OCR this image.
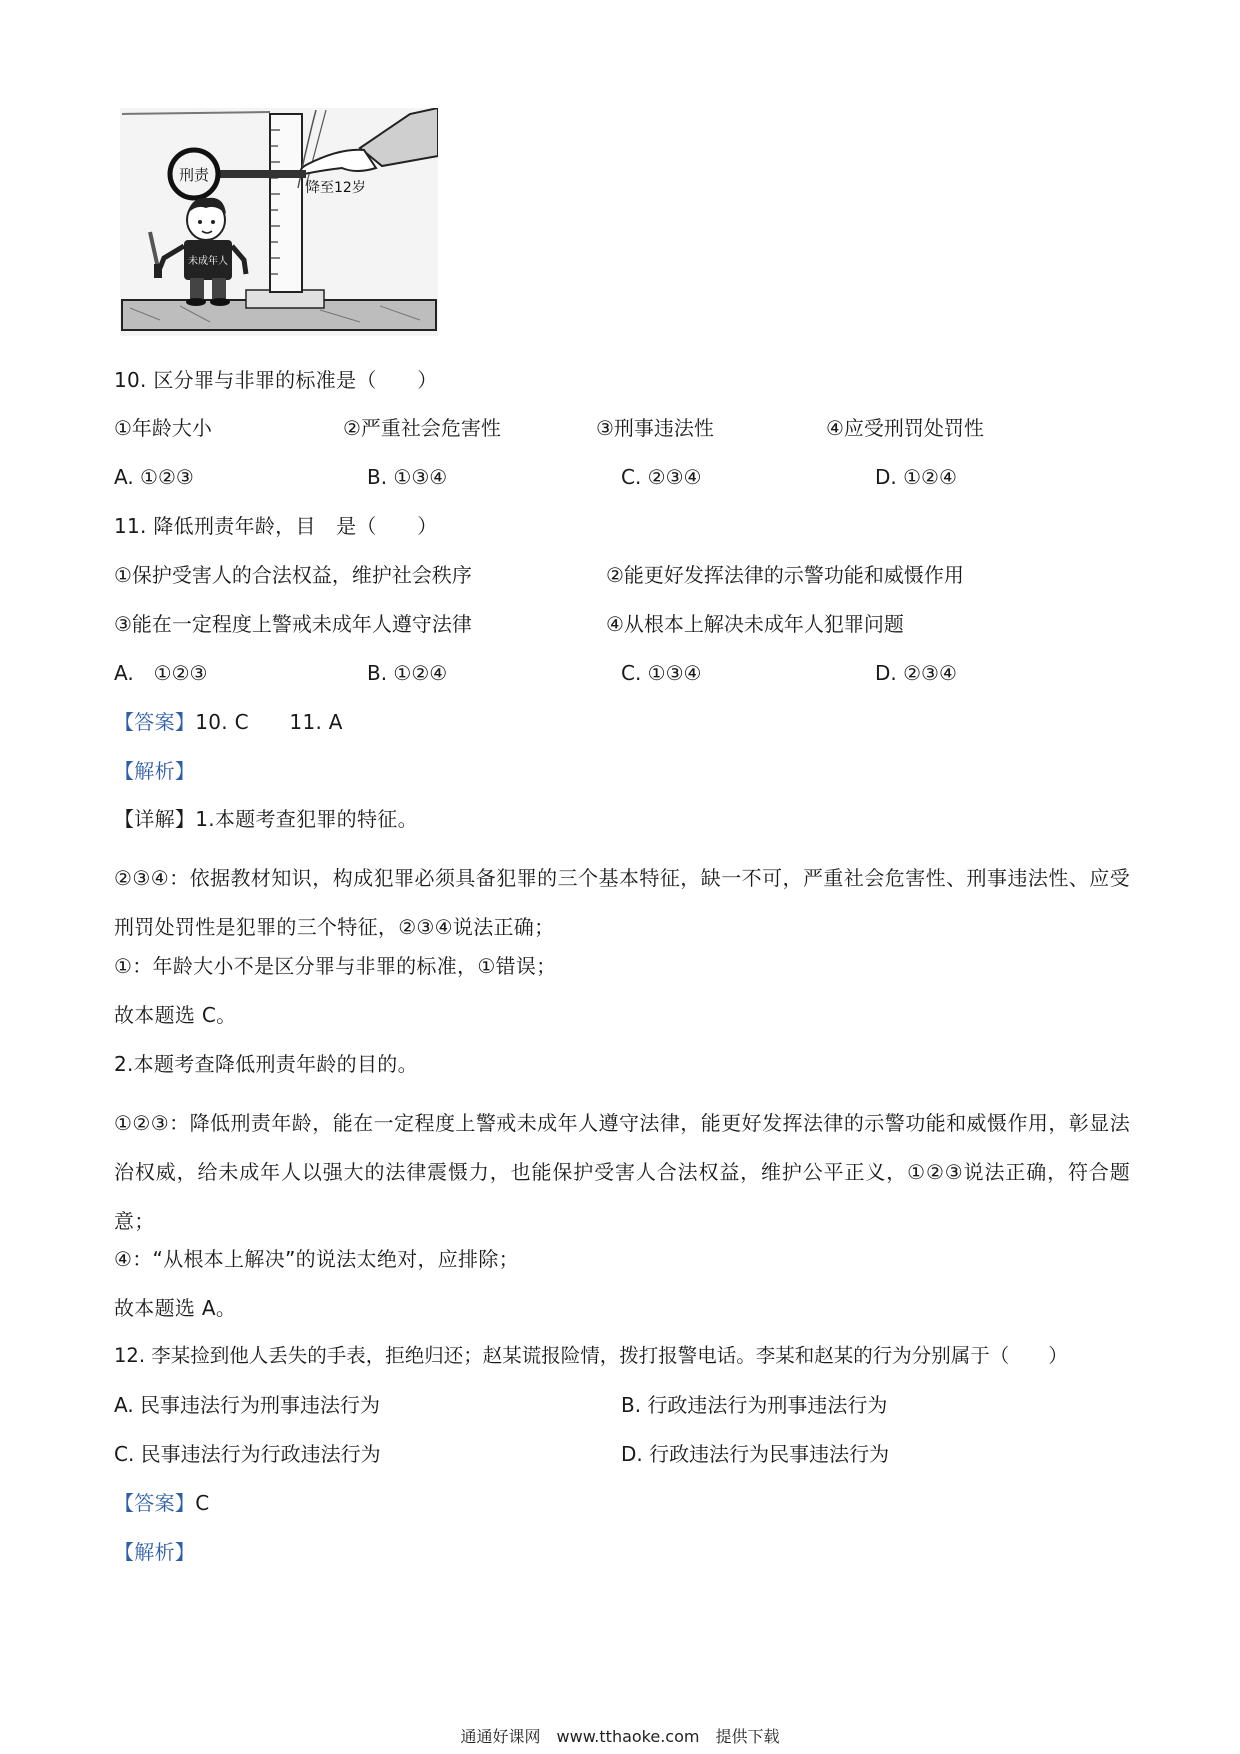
刑责
降至12岁
未成年人
10. 区分罪与非罪的标准是（　　）
①年龄大小	②严重社会危害性	③刑事违法性	④应受刑罚处罚性
A. ①②③	B. ①③④	C. ②③④	D. ①②④
11. 降低刑责年龄，目　是（　　）
①保护受害人的合法权益，维护社会秩序	②能更好发挥法律的示警功能和威慑作用
③能在一定程度上警戒未成年人遵守法律	④从根本上解决未成年人犯罪问题
A.　①②③	B. ①②④	C. ①③④	D. ②③④
【答案】10. C　　11. A
【解析】
【详解】1.本题考查犯罪的特征。
②③④：依据教材知识，构成犯罪必须具备犯罪的三个基本特征，缺一不可，严重社会危害性、刑事违法性、应受刑罚处罚性是犯罪的三个特征，②③④说法正确；
①：年龄大小不是区分罪与非罪的标准，①错误；
故本题选 C。
2.本题考查降低刑责年龄的目的。
①②③：降低刑责年龄，能在一定程度上警戒未成年人遵守法律，能更好发挥法律的示警功能和威慑作用，彰显法治权威，给未成年人以强大的法律震慑力，也能保护受害人合法权益，维护公平正义，①②③说法正确，符合题意；
④：“从根本上解决”的说法太绝对，应排除；
故本题选 A。
12. 李某捡到他人丢失的手表，拒绝归还；赵某谎报险情，拨打报警电话。李某和赵某的行为分别属于（　　）
A. 民事违法行为刑事违法行为	B. 行政违法行为刑事违法行为
C. 民事违法行为行政违法行为	D. 行政违法行为民事违法行为
【答案】C
【解析】
通通好课网　www.tthaoke.com　提供下载
